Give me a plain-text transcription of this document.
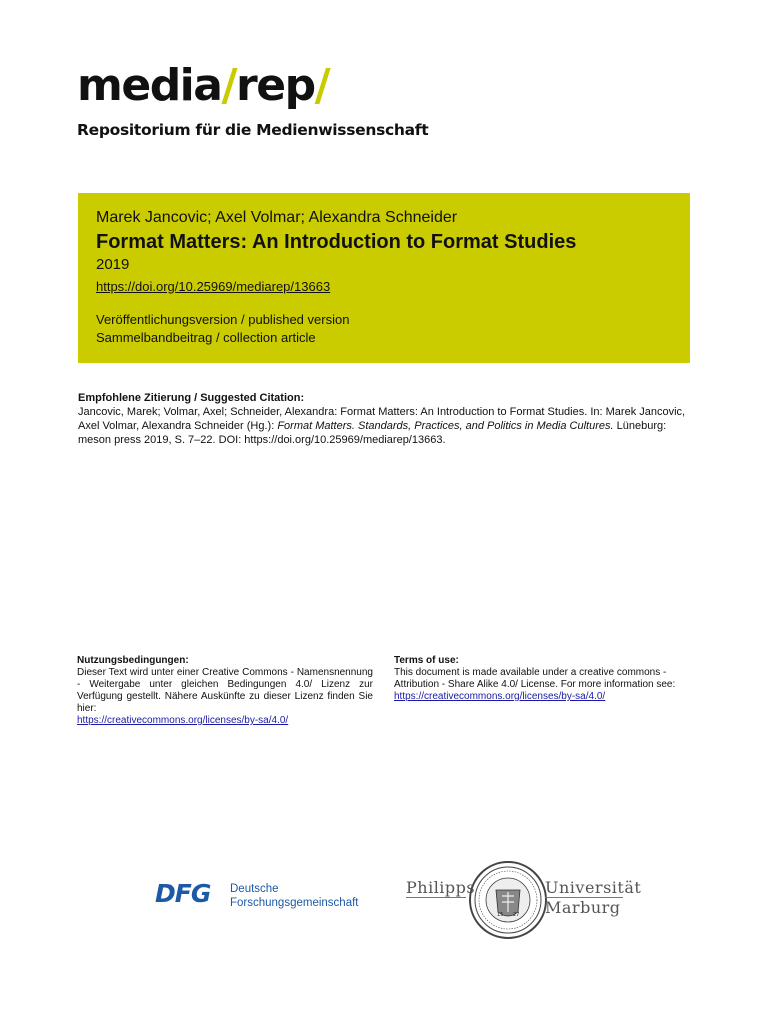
media/rep/
Repositorium für die Medienwissenschaft
Marek Jancovic; Axel Volmar; Alexandra Schneider
Format Matters: An Introduction to Format Studies
2019
https://doi.org/10.25969/mediarep/13663
Veröffentlichungsversion / published version
Sammelbandbeitrag / collection article
Empfohlene Zitierung / Suggested Citation:
Jancovic, Marek; Volmar, Axel; Schneider, Alexandra: Format Matters: An Introduction to Format Studies. In: Marek Jancovic, Axel Volmar, Alexandra Schneider (Hg.): Format Matters. Standards, Practices, and Politics in Media Cultures. Lüneburg: meson press 2019, S. 7–22. DOI: https://doi.org/10.25969/mediarep/13663.
Nutzungsbedingungen:
Dieser Text wird unter einer Creative Commons - Namensnennung - Weitergabe unter gleichen Bedingungen 4.0/ Lizenz zur Verfügung gestellt. Nähere Auskünfte zu dieser Lizenz finden Sie hier:
https://creativecommons.org/licenses/by-sa/4.0/
Terms of use:
This document is made available under a creative commons - Attribution - Share Alike 4.0/ License. For more information see:
https://creativecommons.org/licenses/by-sa/4.0/
DFG Deutsche
Forschungsgemeinschaft
Philipps
15 27
Universität
Marburg
